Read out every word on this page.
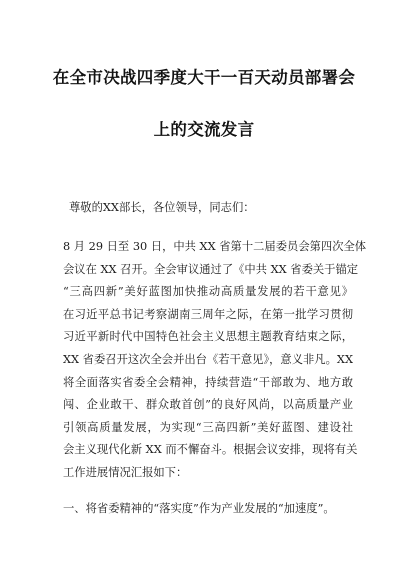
在全市决战四季度大干一百天动员部署会
上的交流发言
尊敬的XX部长，各位领导，同志们：
8 月 29 日至 30 日，中共 XX 省第十二届委员会第四次全体
会议在 XX 召开。全会审议通过了《中共 XX 省委关于锚定
“三高四新”美好蓝图加快推动高质量发展的若干意见》
在习近平总书记考察湖南三周年之际，在第一批学习贯彻
习近平新时代中国特色社会主义思想主题教育结束之际，
XX 省委召开这次全会并出台《若干意见》，意义非凡。XX
将全面落实省委全会精神，持续营造“干部敢为、地方敢
闯、企业敢干、群众敢首创”的良好风尚，以高质量产业
引领高质量发展，为实现“三高四新”美好蓝图、建设社
会主义现代化新 XX 而不懈奋斗。根据会议安排，现将有关
工作进展情况汇报如下：
一、将省委精神的“落实度”作为产业发展的“加速度”。
